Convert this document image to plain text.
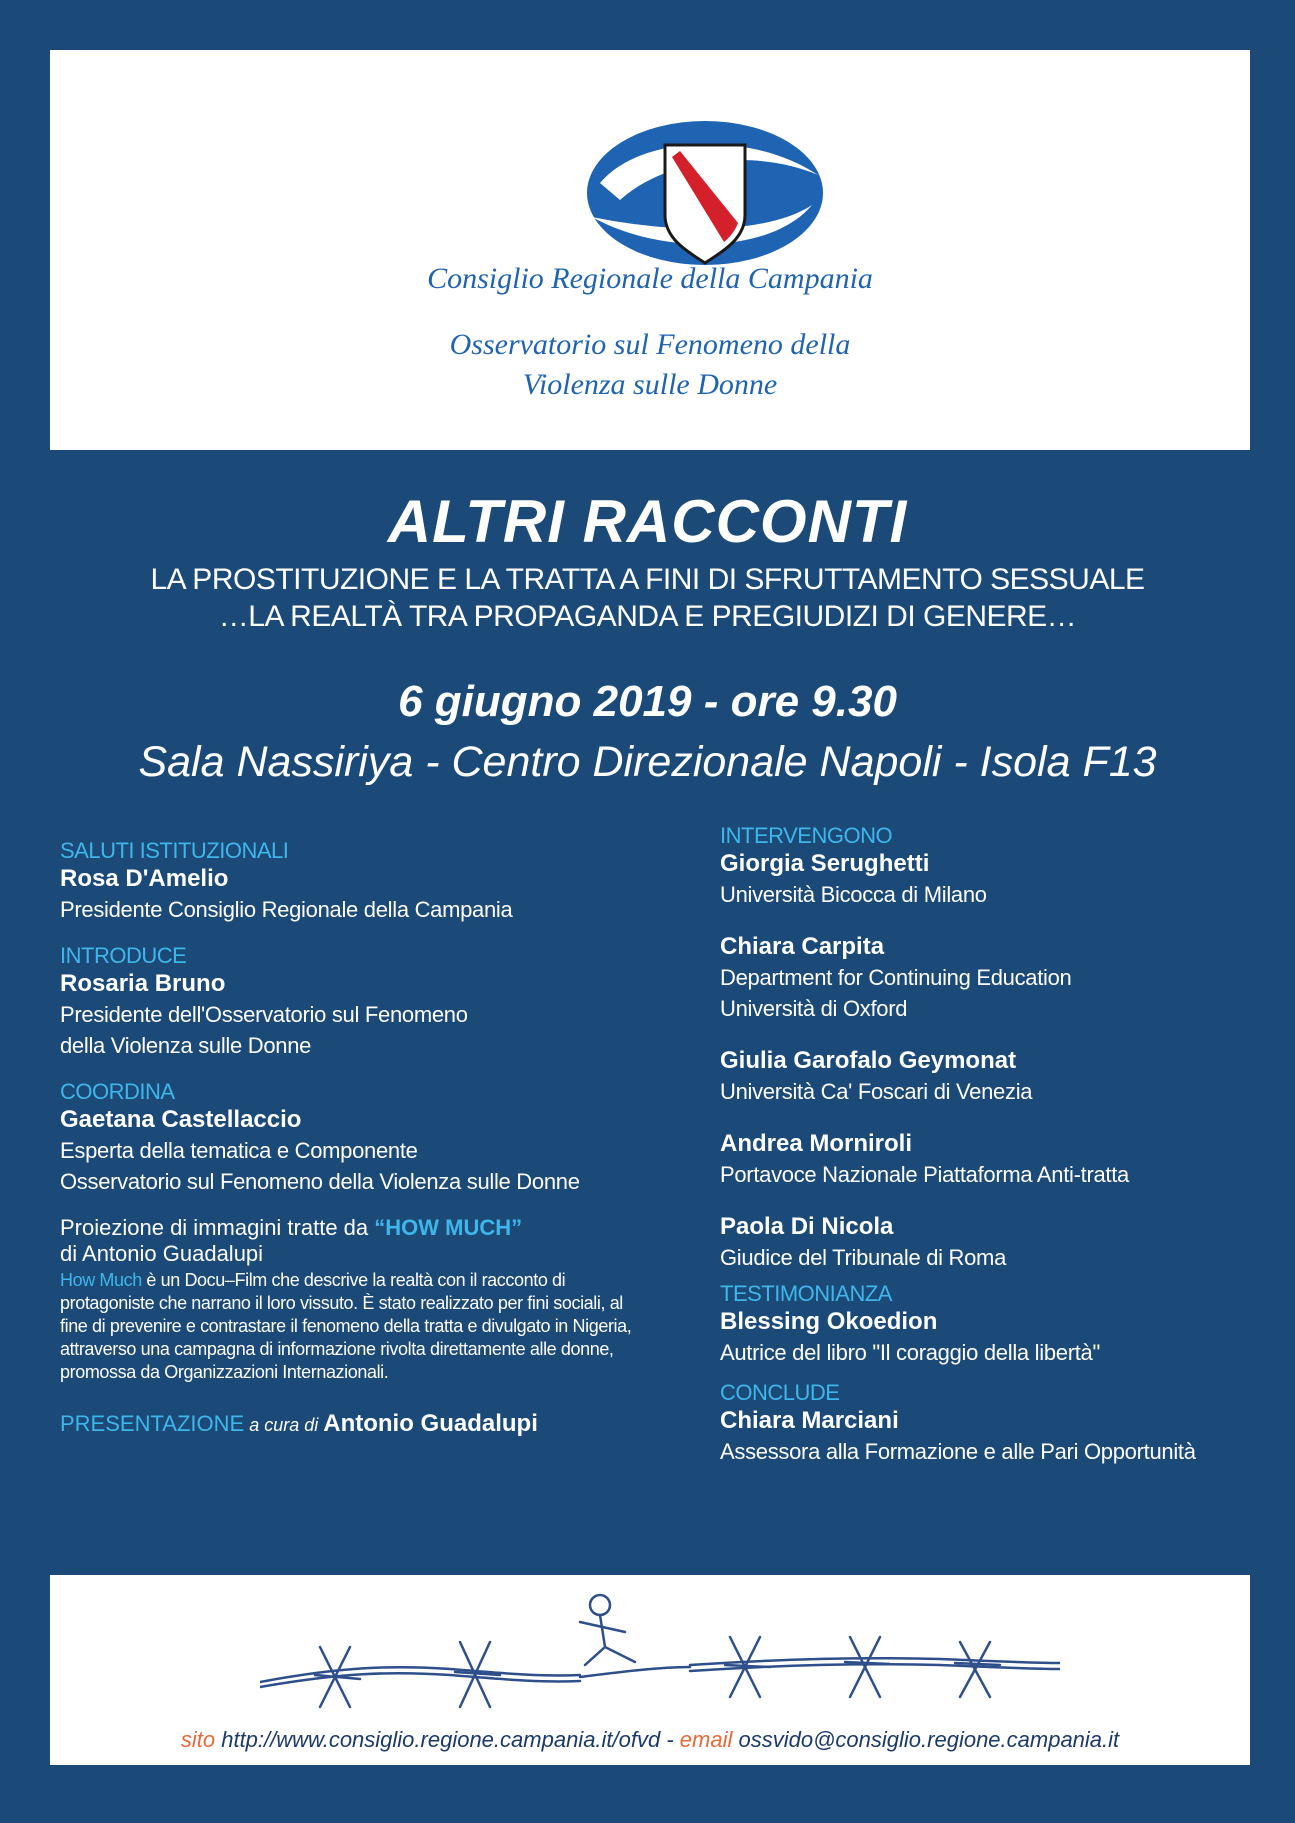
Consiglio Regionale della Campania
Osservatorio sul Fenomeno della
Violenza sulle Donne
ALTRI RACCONTI
LA PROSTITUZIONE E LA TRATTA A FINI DI SFRUTTAMENTO SESSUALE
…LA REALTÀ TRA PROPAGANDA E PREGIUDIZI DI GENERE…
6 giugno 2019 - ore 9.30
Sala Nassiriya - Centro Direzionale Napoli - Isola F13
SALUTI ISTITUZIONALI
Rosa D'Amelio
Presidente Consiglio Regionale della Campania
INTRODUCE
Rosaria Bruno
Presidente dell'Osservatorio sul Fenomeno
della Violenza sulle Donne
COORDINA
Gaetana Castellaccio
Esperta della tematica e Componente
Osservatorio sul Fenomeno della Violenza sulle Donne
Proiezione di immagini tratte da “HOW MUCH”
di Antonio Guadalupi
How Much è un Docu–Film che descrive la realtà con il racconto di
protagoniste che narrano il loro vissuto. È stato realizzato per fini sociali, al
fine di prevenire e contrastare il fenomeno della tratta e divulgato in Nigeria,
attraverso una campagna di informazione rivolta direttamente alle donne,
promossa da Organizzazioni Internazionali.
PRESENTAZIONE a cura di Antonio Guadalupi
INTERVENGONO
Giorgia Serughetti
Università Bicocca di Milano
Chiara Carpita
Department for Continuing Education
Università di Oxford
Giulia Garofalo Geymonat
Università Ca' Foscari di Venezia
Andrea Morniroli
Portavoce Nazionale Piattaforma Anti-tratta
Paola Di Nicola
Giudice del Tribunale di Roma
TESTIMONIANZA
Blessing Okoedion
Autrice del libro "Il coraggio della libertà"
CONCLUDE
Chiara Marciani
Assessora alla Formazione e alle Pari Opportunità
sito http://www.consiglio.regione.campania.it/ofvd - email ossvido@consiglio.regione.campania.it
